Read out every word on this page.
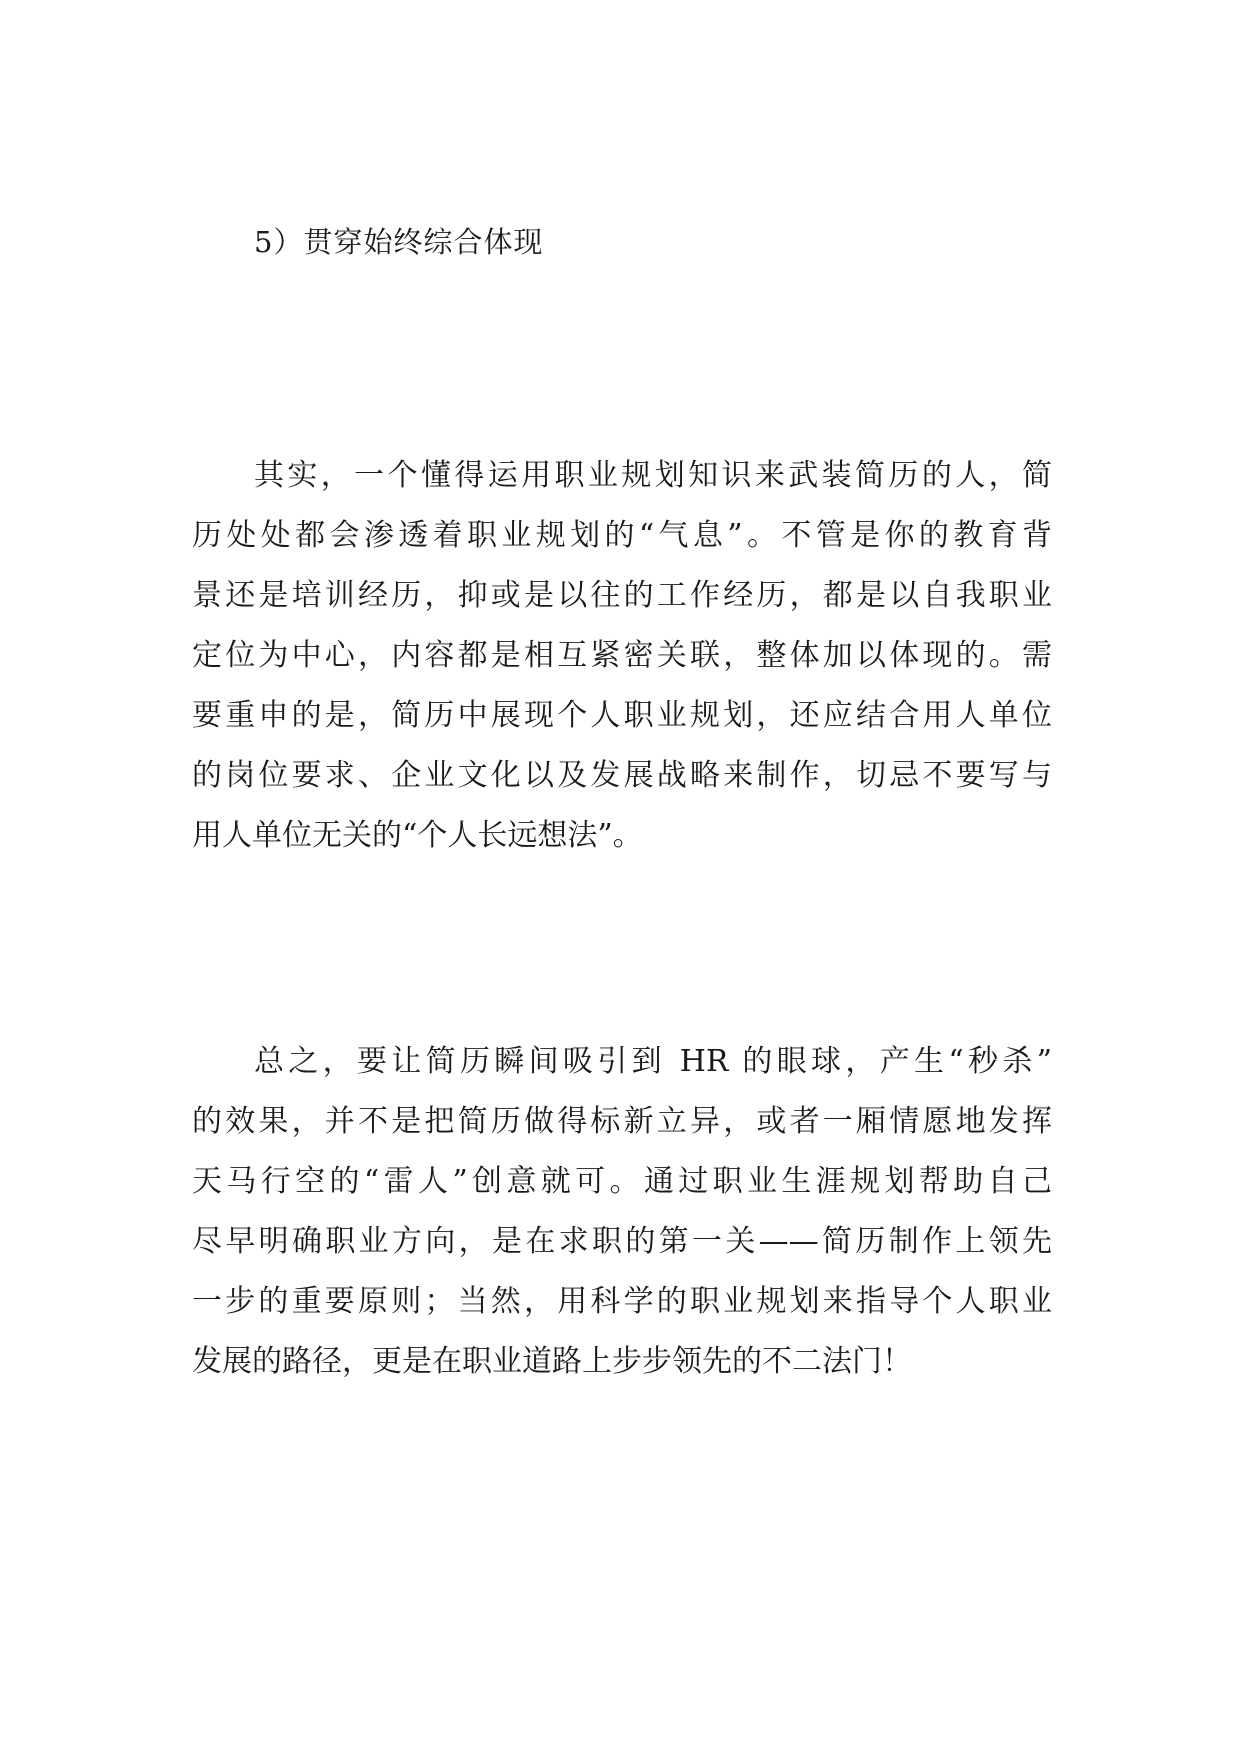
5）贯穿始终综合体现
其实，一个懂得运用职业规划知识来武装简历的人，简
历处处都会渗透着职业规划的“气息”。不管是你的教育背
景还是培训经历，抑或是以往的工作经历，都是以自我职业
定位为中心，内容都是相互紧密关联，整体加以体现的。需
要重申的是，简历中展现个人职业规划，还应结合用人单位
的岗位要求、企业文化以及发展战略来制作，切忌不要写与
用人单位无关的“个人长远想法”。
总之，要让简历瞬间吸引到 HR 的眼球，产生“秒杀”
的效果，并不是把简历做得标新立异，或者一厢情愿地发挥
天马行空的“雷人”创意就可。通过职业生涯规划帮助自己
尽早明确职业方向，是在求职的第一关——简历制作上领先
一步的重要原则；当然，用科学的职业规划来指导个人职业
发展的路径，更是在职业道路上步步领先的不二法门！
